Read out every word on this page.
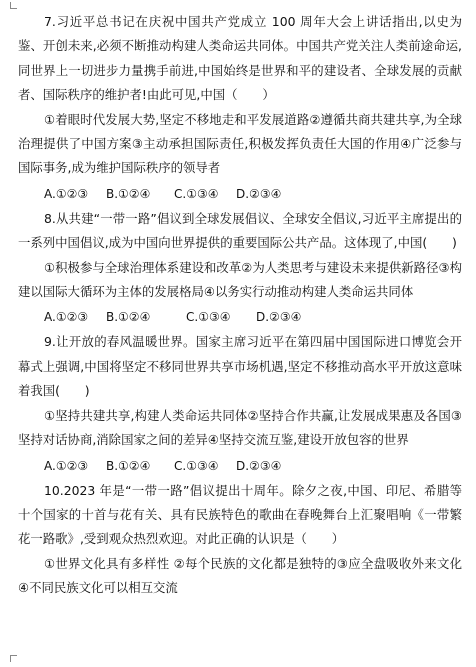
7.习近平总书记在庆祝中国共产党成立 100 周年大会上讲话指出,以史为鉴、开创未来,必须不断推动构建人类命运共同体。中国共产党关注人类前途命运,同世界上一切进步力量携手前进,中国始终是世界和平的建设者、全球发展的贡献者、国际秩序的维护者!由此可见,中国（　　）

①着眼时代发展大势,坚定不移地走和平发展道路②遵循共商共建共享,为全球治理提供了中国方案③主动承担国际责任,积极发挥负责任大国的作用④广泛参与国际事务,成为维护国际秩序的领导者

A.①②③ B.①②④ C.①③④ D.②③④

8.从共建“一带一路”倡议到全球发展倡议、全球安全倡议,习近平主席提出的一系列中国倡议,成为中国向世界提供的重要国际公共产品。这体现了,中国(　　)

①积极参与全球治理体系建设和改革②为人类思考与建设未来提供新路径③构建以国际大循环为主体的发展格局④以务实行动推动构建人类命运共同体

A.①②③ B.①②④	C.①③④ D.②③④

9.让开放的春风温暖世界。国家主席习近平在第四届中国国际进口博览会开幕式上强调,中国将坚定不移同世界共享市场机遇,坚定不移推动高水平开放这意味着我国(　　)

①坚持共建共享,构建人类命运共同体②坚持合作共赢,让发展成果惠及各国③坚持对话协商,消除国家之间的差异④坚持交流互鉴,建设开放包容的世界

A.①②③ B.①②④ C.①③④ D.②③④

10.2023 年是“一带一路”倡议提出十周年。除夕之夜,中国、印尼、希腊等十个国家的十首与花有关、具有民族特色的歌曲在春晚舞台上汇聚唱响《一带繁花一路歌》,受到观众热烈欢迎。对此正确的认识是（　　）

①世界文化具有多样性 ②每个民族的文化都是独特的③应全盘吸收外来文化④不同民族文化可以相互交流
